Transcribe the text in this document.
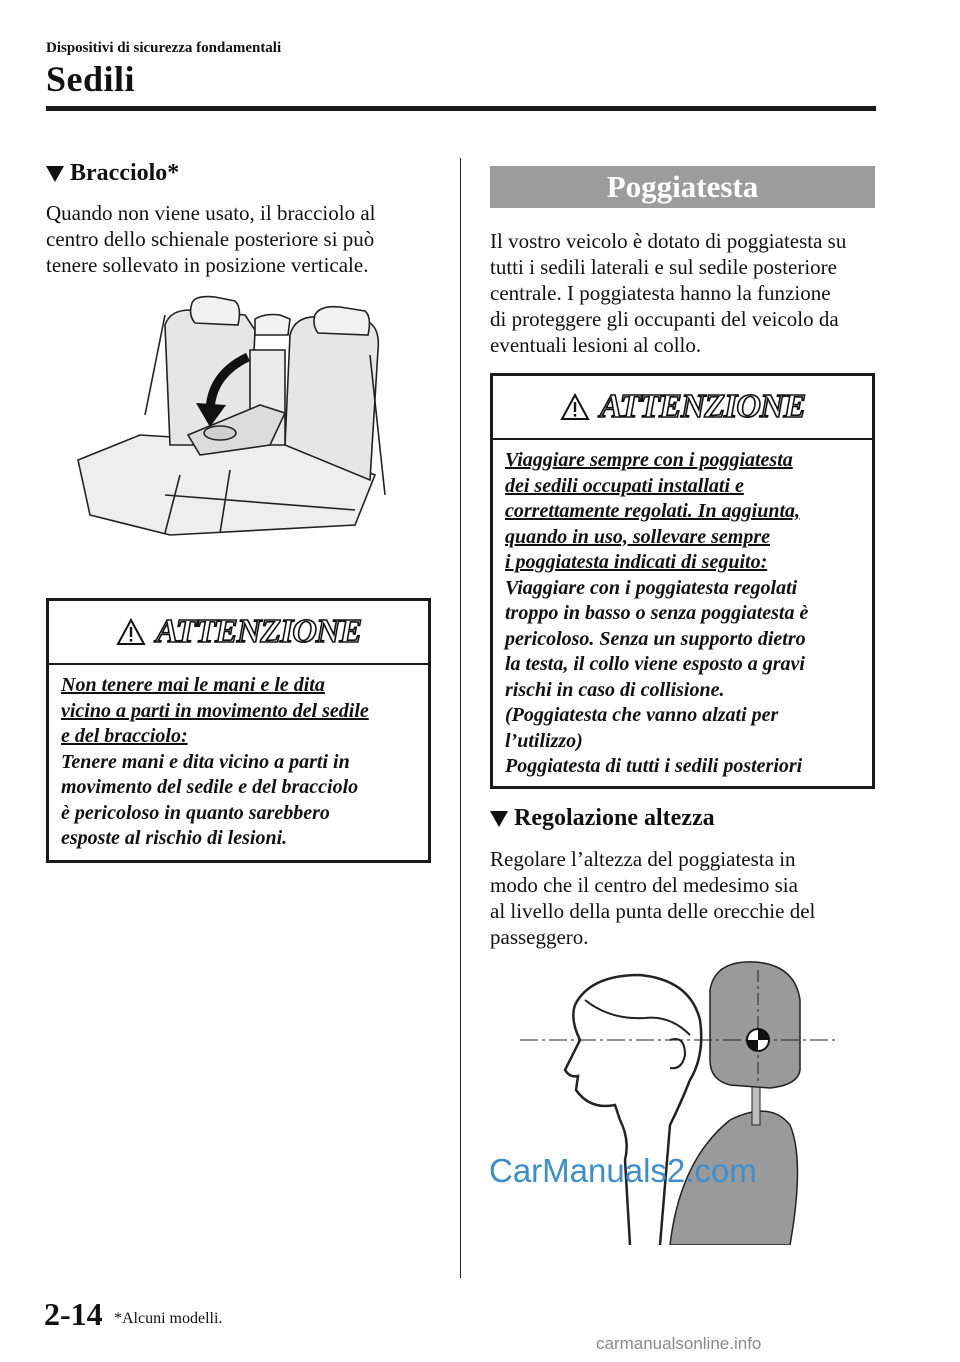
Dispositivi di sicurezza fondamentali
Sedili
Bracciolo*
Quando non viene usato, il bracciolo al
centro dello schienale posteriore si può
tenere sollevato in posizione verticale.
ATTENZIONE
Non tenere mai le mani e le dita
vicino a parti in movimento del sedile
e del bracciolo:
Tenere mani e dita vicino a parti in
movimento del sedile e del bracciolo
è pericoloso in quanto sarebbero
esposte al rischio di lesioni.
Poggiatesta
Il vostro veicolo è dotato di poggiatesta su
tutti i sedili laterali e sul sedile posteriore
centrale. I poggiatesta hanno la funzione
di proteggere gli occupanti del veicolo da
eventuali lesioni al collo.
ATTENZIONE
Viaggiare sempre con i poggiatesta
dei sedili occupati installati e
correttamente regolati. In aggiunta,
quando in uso, sollevare sempre
i poggiatesta indicati di seguito:
Viaggiare con i poggiatesta regolati
troppo in basso o senza poggiatesta è
pericoloso. Senza un supporto dietro
la testa, il collo viene esposto a gravi
rischi in caso di collisione.
(Poggiatesta che vanno alzati per
l’utilizzo)
Poggiatesta di tutti i sedili posteriori
Regolazione altezza
Regolare l’altezza del poggiatesta in
modo che il centro del medesimo sia
al livello della punta delle orecchie del
passeggero.
CarManuals2.com
2-14 *Alcuni modelli.
carmanualsonline.info
